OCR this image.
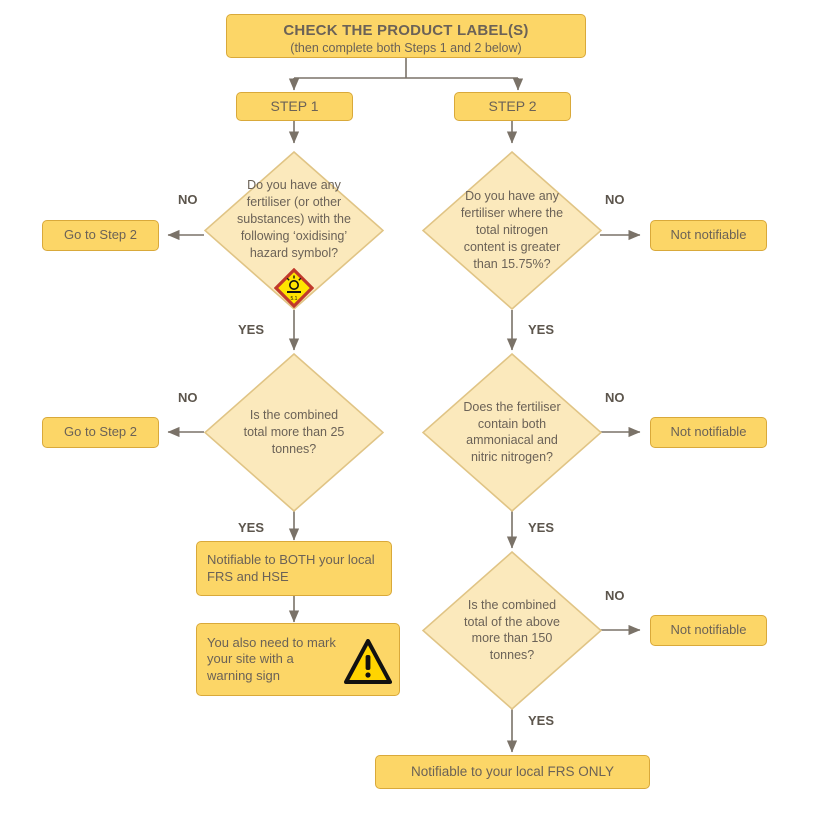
CHECK THE PRODUCT LABEL(S)
(then complete both Steps 1 and 2 below)
STEP 1	STEP 2
Do you have any fertiliser (or other substances) with the following ‘oxidising’ hazard symbol?
5.1
NO
Go to Step 2
YES
Is the combined total more than 25 tonnes?
NO
Go to Step 2
YES
Notifiable to BOTH your local FRS and HSE
You also need to mark your site with a warning sign
Do you have any fertiliser where the total nitrogen content is greater than 15.75%?
NO
Not notifiable
YES
Does the fertiliser contain both ammoniacal and nitric nitrogen?
NO
Not notifiable
YES
Is the combined total of the above more than 150 tonnes?
NO
Not notifiable
YES
Notifiable to your local FRS ONLY
